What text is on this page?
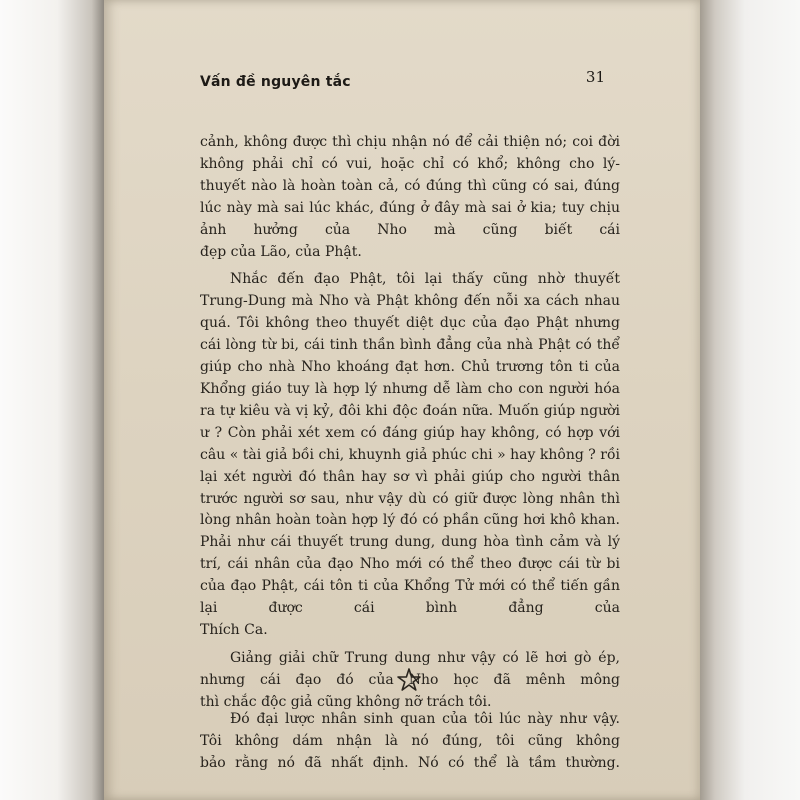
Vấn đề nguyên tắc	31

cảnh, không được thì chịu nhận nó để cải thiện nó; coi đời không phải chỉ có vui, hoặc chỉ có khổ; không cho lý-thuyết nào là hoàn toàn cả, có đúng thì cũng có sai, đúng lúc này mà sai lúc khác, đúng ở đây mà sai ở kia; tuy chịu ảnh hưởng của Nho mà cũng biết cái

đẹp của Lão, của Phật.

Nhắc đến đạo Phật, tôi lại thấy cũng nhờ thuyết Trung-Dung mà Nho và Phật không đến nỗi xa cách nhau quá. Tôi không theo thuyết diệt dục của đạo Phật nhưng cái lòng từ bi, cái tinh thần bình đẳng của nhà Phật có thể giúp cho nhà Nho khoáng đạt hơn. Chủ trương tôn ti của Khổng giáo tuy là hợp lý nhưng dễ làm cho con người hóa ra tự kiêu và vị kỷ, đôi khi độc đoán nữa. Muốn giúp người ư ? Còn phải xét xem có đáng giúp hay không, có hợp với câu « tài giả bồi chi, khuynh giả phúc chi » hay không ? rồi lại xét người đó thân hay sơ vì phải giúp cho người thân trước người sơ sau, như vậy dù có giữ được lòng nhân thì lòng nhân hoàn toàn hợp lý đó có phần cũng hơi khô khan. Phải như cái thuyết trung dung, dung hòa tình cảm và lý trí, cái nhân của đạo Nho mới có thể theo được cái từ bi của đạo Phật, cái tôn ti của Khổng Tử mới có thể tiến gần lại được cái bình đẳng của

Thích Ca.

Giảng giải chữ Trung dung như vậy có lẽ hơi gò ép, nhưng cái đạo đó của Nho học đã mênh mông

thì chắc độc giả cũng không nỡ trách tôi.

Đó đại lược nhân sinh quan của tôi lúc này như vậy. Tôi không dám nhận là nó đúng, tôi cũng không

bảo rằng nó đã nhất định. Nó có thể là tầm thường.
